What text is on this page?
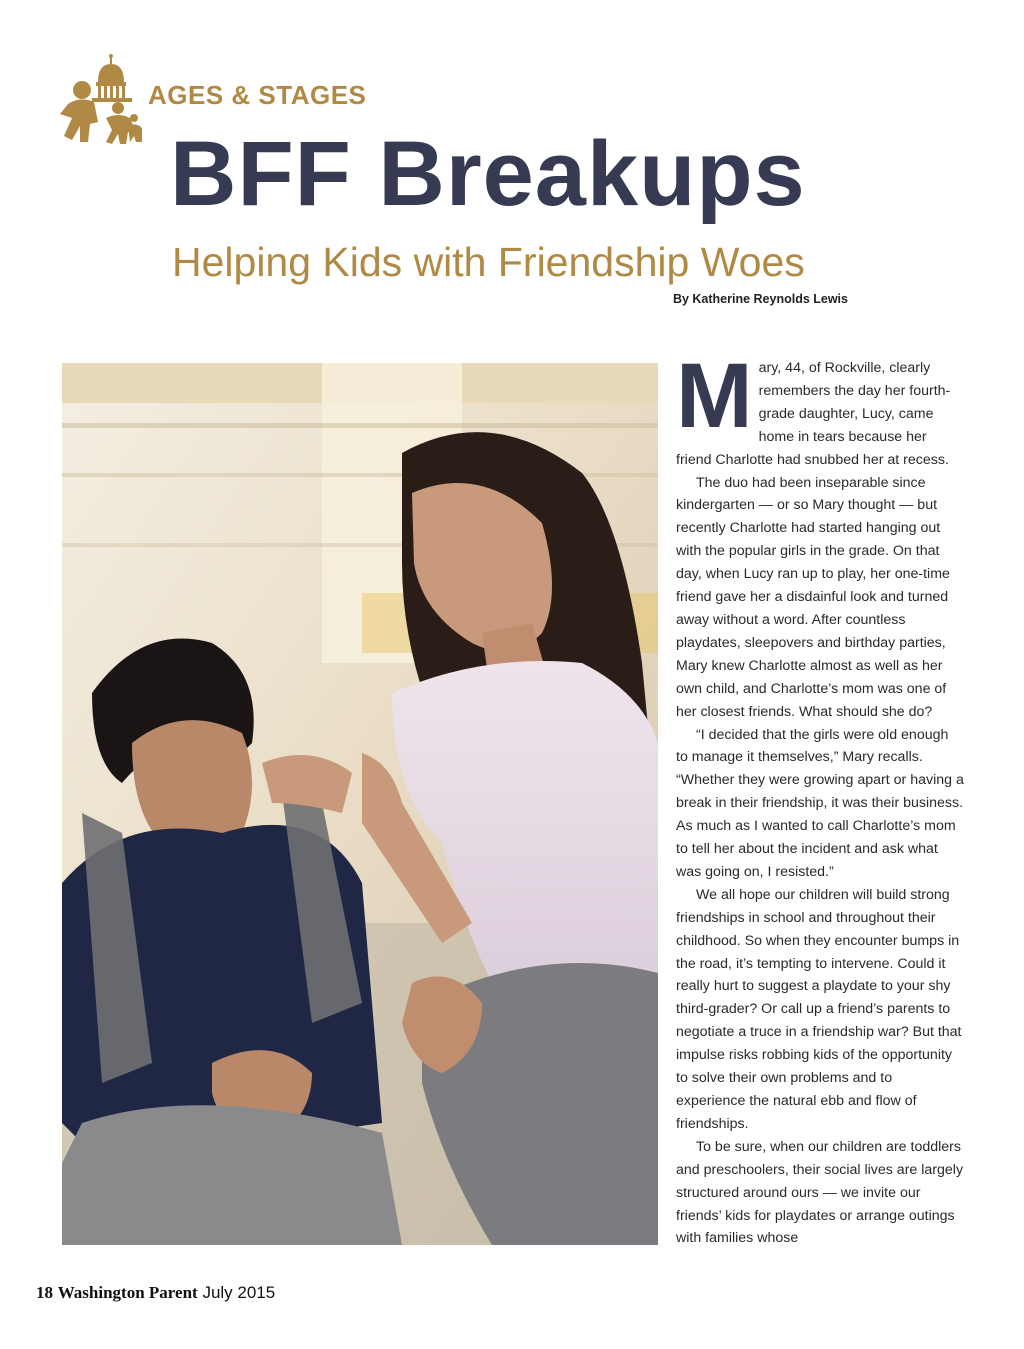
AGES & STAGES
BFF Breakups
Helping Kids with Friendship Woes
By Katherine Reynolds Lewis

Mary, 44, of Rockville, clearly remembers the day her fourth-grade daughter, Lucy, came home in tears because her friend Charlotte had snubbed her at recess.

The duo had been inseparable since kindergarten — or so Mary thought — but recently Charlotte had started hanging out with the popular girls in the grade. On that day, when Lucy ran up to play, her one-time friend gave her a disdainful look and turned away without a word. After countless playdates, sleepovers and birthday parties, Mary knew Charlotte almost as well as her own child, and Charlotte’s mom was one of her closest friends. What should she do?

“I decided that the girls were old enough to manage it themselves,” Mary recalls. “Whether they were growing apart or having a break in their friendship, it was their business. As much as I wanted to call Charlotte’s mom to tell her about the incident and ask what was going on, I resisted.”

We all hope our children will build strong friendships in school and throughout their childhood. So when they encounter bumps in the road, it’s tempting to intervene. Could it really hurt to suggest a playdate to your shy third-grader? Or call up a friend’s parents to negotiate a truce in a friendship war? But that impulse risks robbing kids of the opportunity to solve their own problems and to experience the natural ebb and flow of friendships.

To be sure, when our children are toddlers and preschoolers, their social lives are largely structured around ours — we invite our friends’ kids for playdates or arrange outings with families whose

18 Washington Parent July 2015
